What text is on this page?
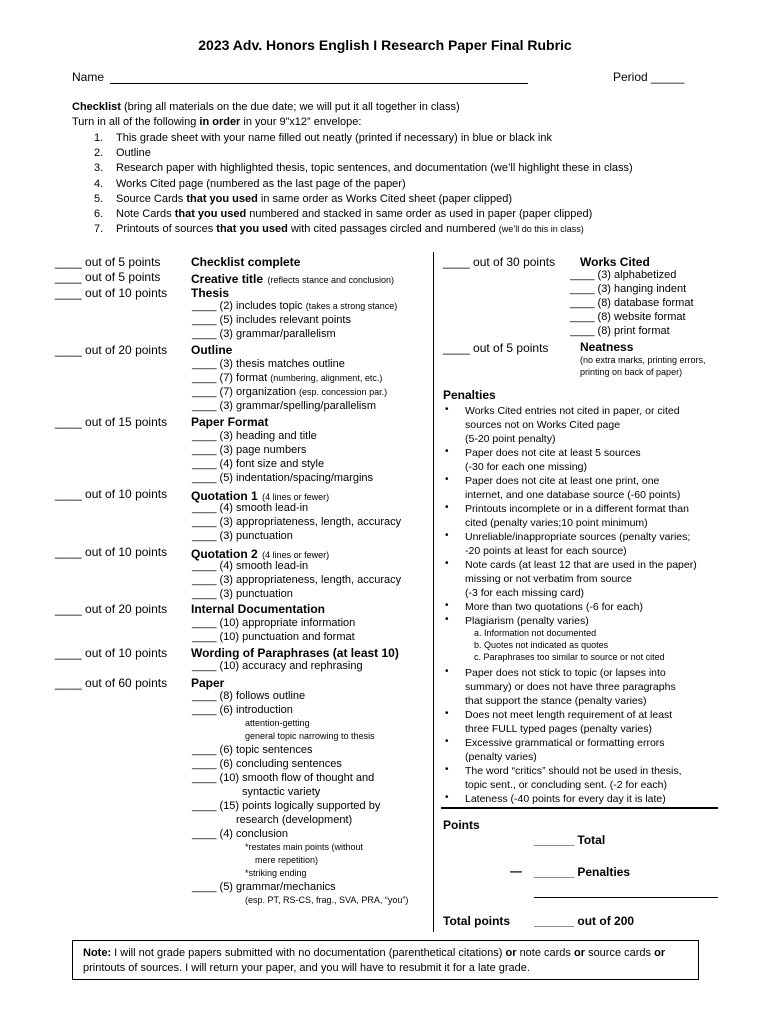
2023 Adv. Honors English I Research Paper Final Rubric
Name	Period _____
Checklist (bring all materials on the due date; we will put it all together in class)
Turn in all of the following in order in your 9”x12” envelope:
1. This grade sheet with your name filled out neatly (printed if necessary) in blue or black ink
2. Outline
3. Research paper with highlighted thesis, topic sentences, and documentation (we’ll highlight these in class)
4. Works Cited page (numbered as the last page of the paper)
5. Source Cards that you used in same order as Works Cited sheet (paper clipped)
6. Note Cards that you used numbered and stacked in same order as used in paper (paper clipped)
7. Printouts of sources that you used with cited passages circled and numbered (we’ll do this in class)
____ out of 5 points	Checklist complete
____ out of 5 points	Creative title (reflects stance and conclusion)
____ out of 10 points Thesis
____ (2) includes topic (takes a strong stance)
____ (5) includes relevant points
____ (3) grammar/parallelism
____ out of 20 points Outline
____ (3) thesis matches outline
____ (7) format (numbering, alignment, etc.)
____ (7) organization (esp. concession par.)
____ (3) grammar/spelling/parallelism
____ out of 15 points Paper Format
____ (3) heading and title
____ (3) page numbers
____ (4) font size and style
____ (5) indentation/spacing/margins
____ out of 10 points Quotation 1 (4 lines or fewer)
____ (4) smooth lead-in
____ (3) appropriateness, length, accuracy
____ (3) punctuation
____ out of 10 points Quotation 2 (4 lines or fewer)
____ (4) smooth lead-in
____ (3) appropriateness, length, accuracy
____ (3) punctuation
____ out of 20 points Internal Documentation
____ (10) appropriate information
____ (10) punctuation and format
____ out of 10 points Wording of Paraphrases (at least 10)
____ (10) accuracy and rephrasing
____ out of 60 points Paper
____ (8) follows outline
____ (6) introduction
attention-getting
general topic narrowing to thesis
____ (6) topic sentences
____ (6) concluding sentences
____ (10) smooth flow of thought and
syntactic variety
____ (15) points logically supported by
research (development)
____ (4) conclusion
*restates main points (without
mere repetition)
*striking ending
____ (5) grammar/mechanics
(esp. PT, RS-CS, frag., SVA, PRA, “you”)
____ out of 30 points Works Cited
____ (3) alphabetized
____ (3) hanging indent
____ (8) database format
____ (8) website format
____ (8) print format
____ out of 5 points	Neatness
(no extra marks, printing errors,
printing on back of paper)
Penalties
• Works Cited entries not cited in paper, or cited
sources not on Works Cited page
(5-20 point penalty)
• Paper does not cite at least 5 sources
(-30 for each one missing)
• Paper does not cite at least one print, one
internet, and one database source (-60 points)
• Printouts incomplete or in a different format than
cited (penalty varies;10 point minimum)
• Unreliable/inappropriate sources (penalty varies;
-20 points at least for each source)
• Note cards (at least 12 that are used in the paper)
missing or not verbatim from source
(-3 for each missing card)
• More than two quotations (-6 for each)
• Plagiarism (penalty varies)
a. Information not documented
b. Quotes not indicated as quotes
c. Paraphrases too similar to source or not cited
• Paper does not stick to topic (or lapses into
summary) or does not have three paragraphs
that support the stance (penalty varies)
• Does not meet length requirement of at least
three FULL typed pages (penalty varies)
• Excessive grammatical or formatting errors
(penalty varies)
• The word “critics” should not be used in thesis,
topic sent., or concluding sent. (-2 for each)
• Lateness (-40 points for every day it is late)
Points
______ Total
— ______ Penalties
Total points ______ out of 200
Note: I will not grade papers submitted with no documentation (parenthetical citations) or note cards or source cards or
printouts of sources. I will return your paper, and you will have to resubmit it for a late grade.
